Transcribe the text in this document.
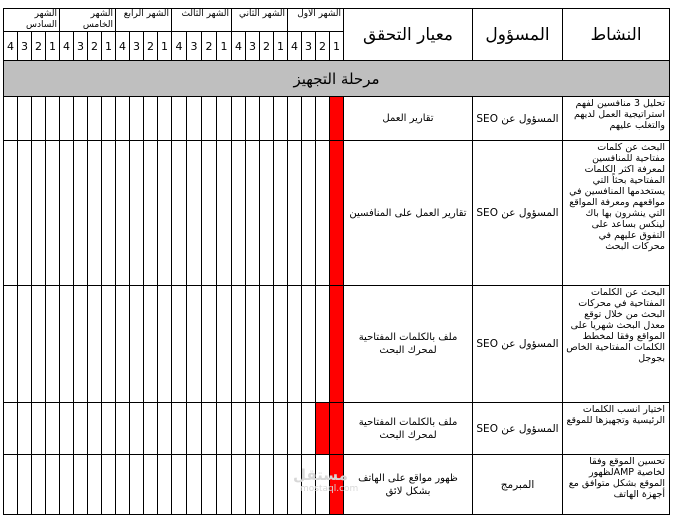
الشهر السادس				الشهر الخامس				الشهر الرابع				الشهر الثالث				الشهر الثاني				الشهر الاول				معيار التحقق	المسؤول	النشاط
4	3	2	1	4	3	2	1	4	3	2	1	4	3	2	1	4	3	2	1	4	3	2	1			
مرحلة التجهيز																										
																								تقارير العمل	المسؤول عن SEO	تحليل 3 منافسين لفهم استراتيجية العمل لديهم والتغلب عليهم
																								تقارير العمل على المنافسين	المسؤول عن SEO	البحث عن كلمات مفتاحية للمنافسين لمعرفة اكثر الكلمات المفتاحية بحثاً التي يستخدمها المنافسين في مواقعهم ومعرفة المواقع التي ينشرون بها باك لينكس بساعد على التفوق عليهم في محركات البحث
																								ملف بالكلمات المفتاحية لمحرك البحث	المسؤول عن SEO	البحث عن الكلمات المفتاحية في محركات البحث من خلال توقع معدل البحث شهريا على المواقع وفقا لمخطط الكلمات المفتاحية الخاص بجوجل
																								ملف بالكلمات المفتاحية لمحرك البحث	المسؤول عن SEO	اختيار انسب الكلمات الرئيسية وتجهيزها للموقع
																								ظهور مواقع على الهاتف بشكل لائق	المبرمج	تحسين الموقع وفقا لخاصية AMPلظهور الموقع بشكل متوافق مع أجهزة الهاتف
مستقل
mostaql.com
